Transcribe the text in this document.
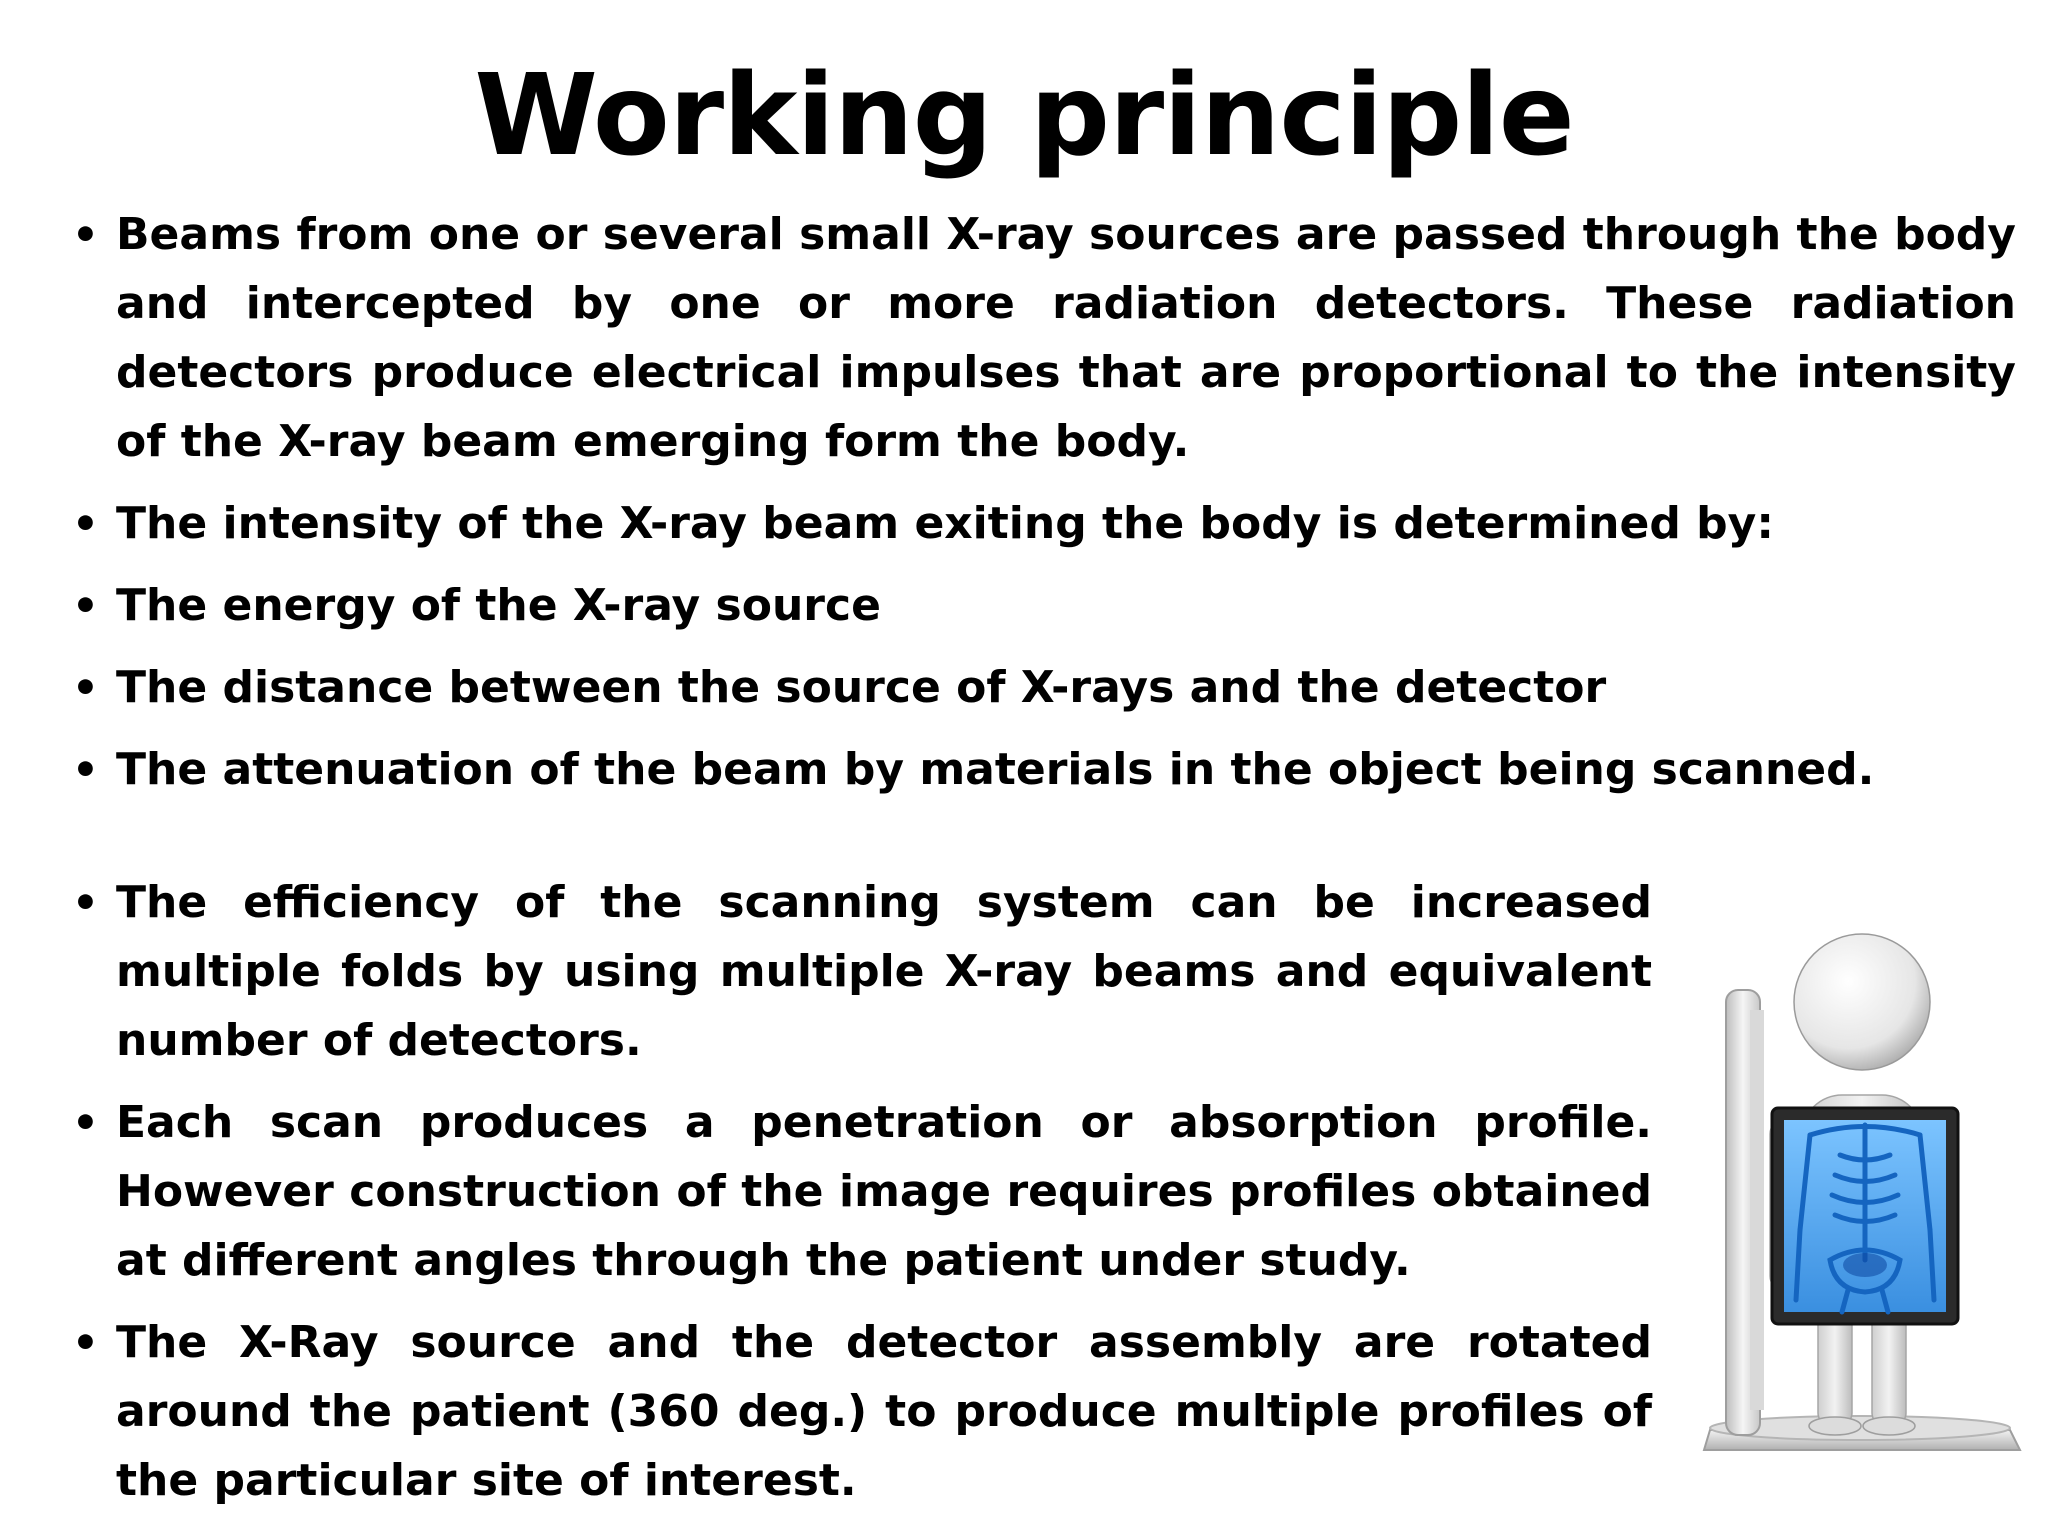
Working principle
• Beams from one or several small X-ray sources are passed through the body and intercepted by one or more radiation detectors. These radiation detectors produce electrical impulses that are proportional to the intensity of the X-ray beam emerging form the body.
• The intensity of the X-ray beam exiting the body is determined by:
• The energy of the X-ray source
• The distance between the source of X-rays and the detector
• The attenuation of the beam by materials in the object being scanned.
• The efficiency of the scanning system can be increased multiple folds by using multiple X-ray beams and equivalent number of detectors.
• Each scan produces a penetration or absorption profile. However construction of the image requires profiles obtained at different angles through the patient under study.
• The X-Ray source and the detector assembly are rotated around the patient (360 deg.) to produce multiple profiles of the particular site of interest.
